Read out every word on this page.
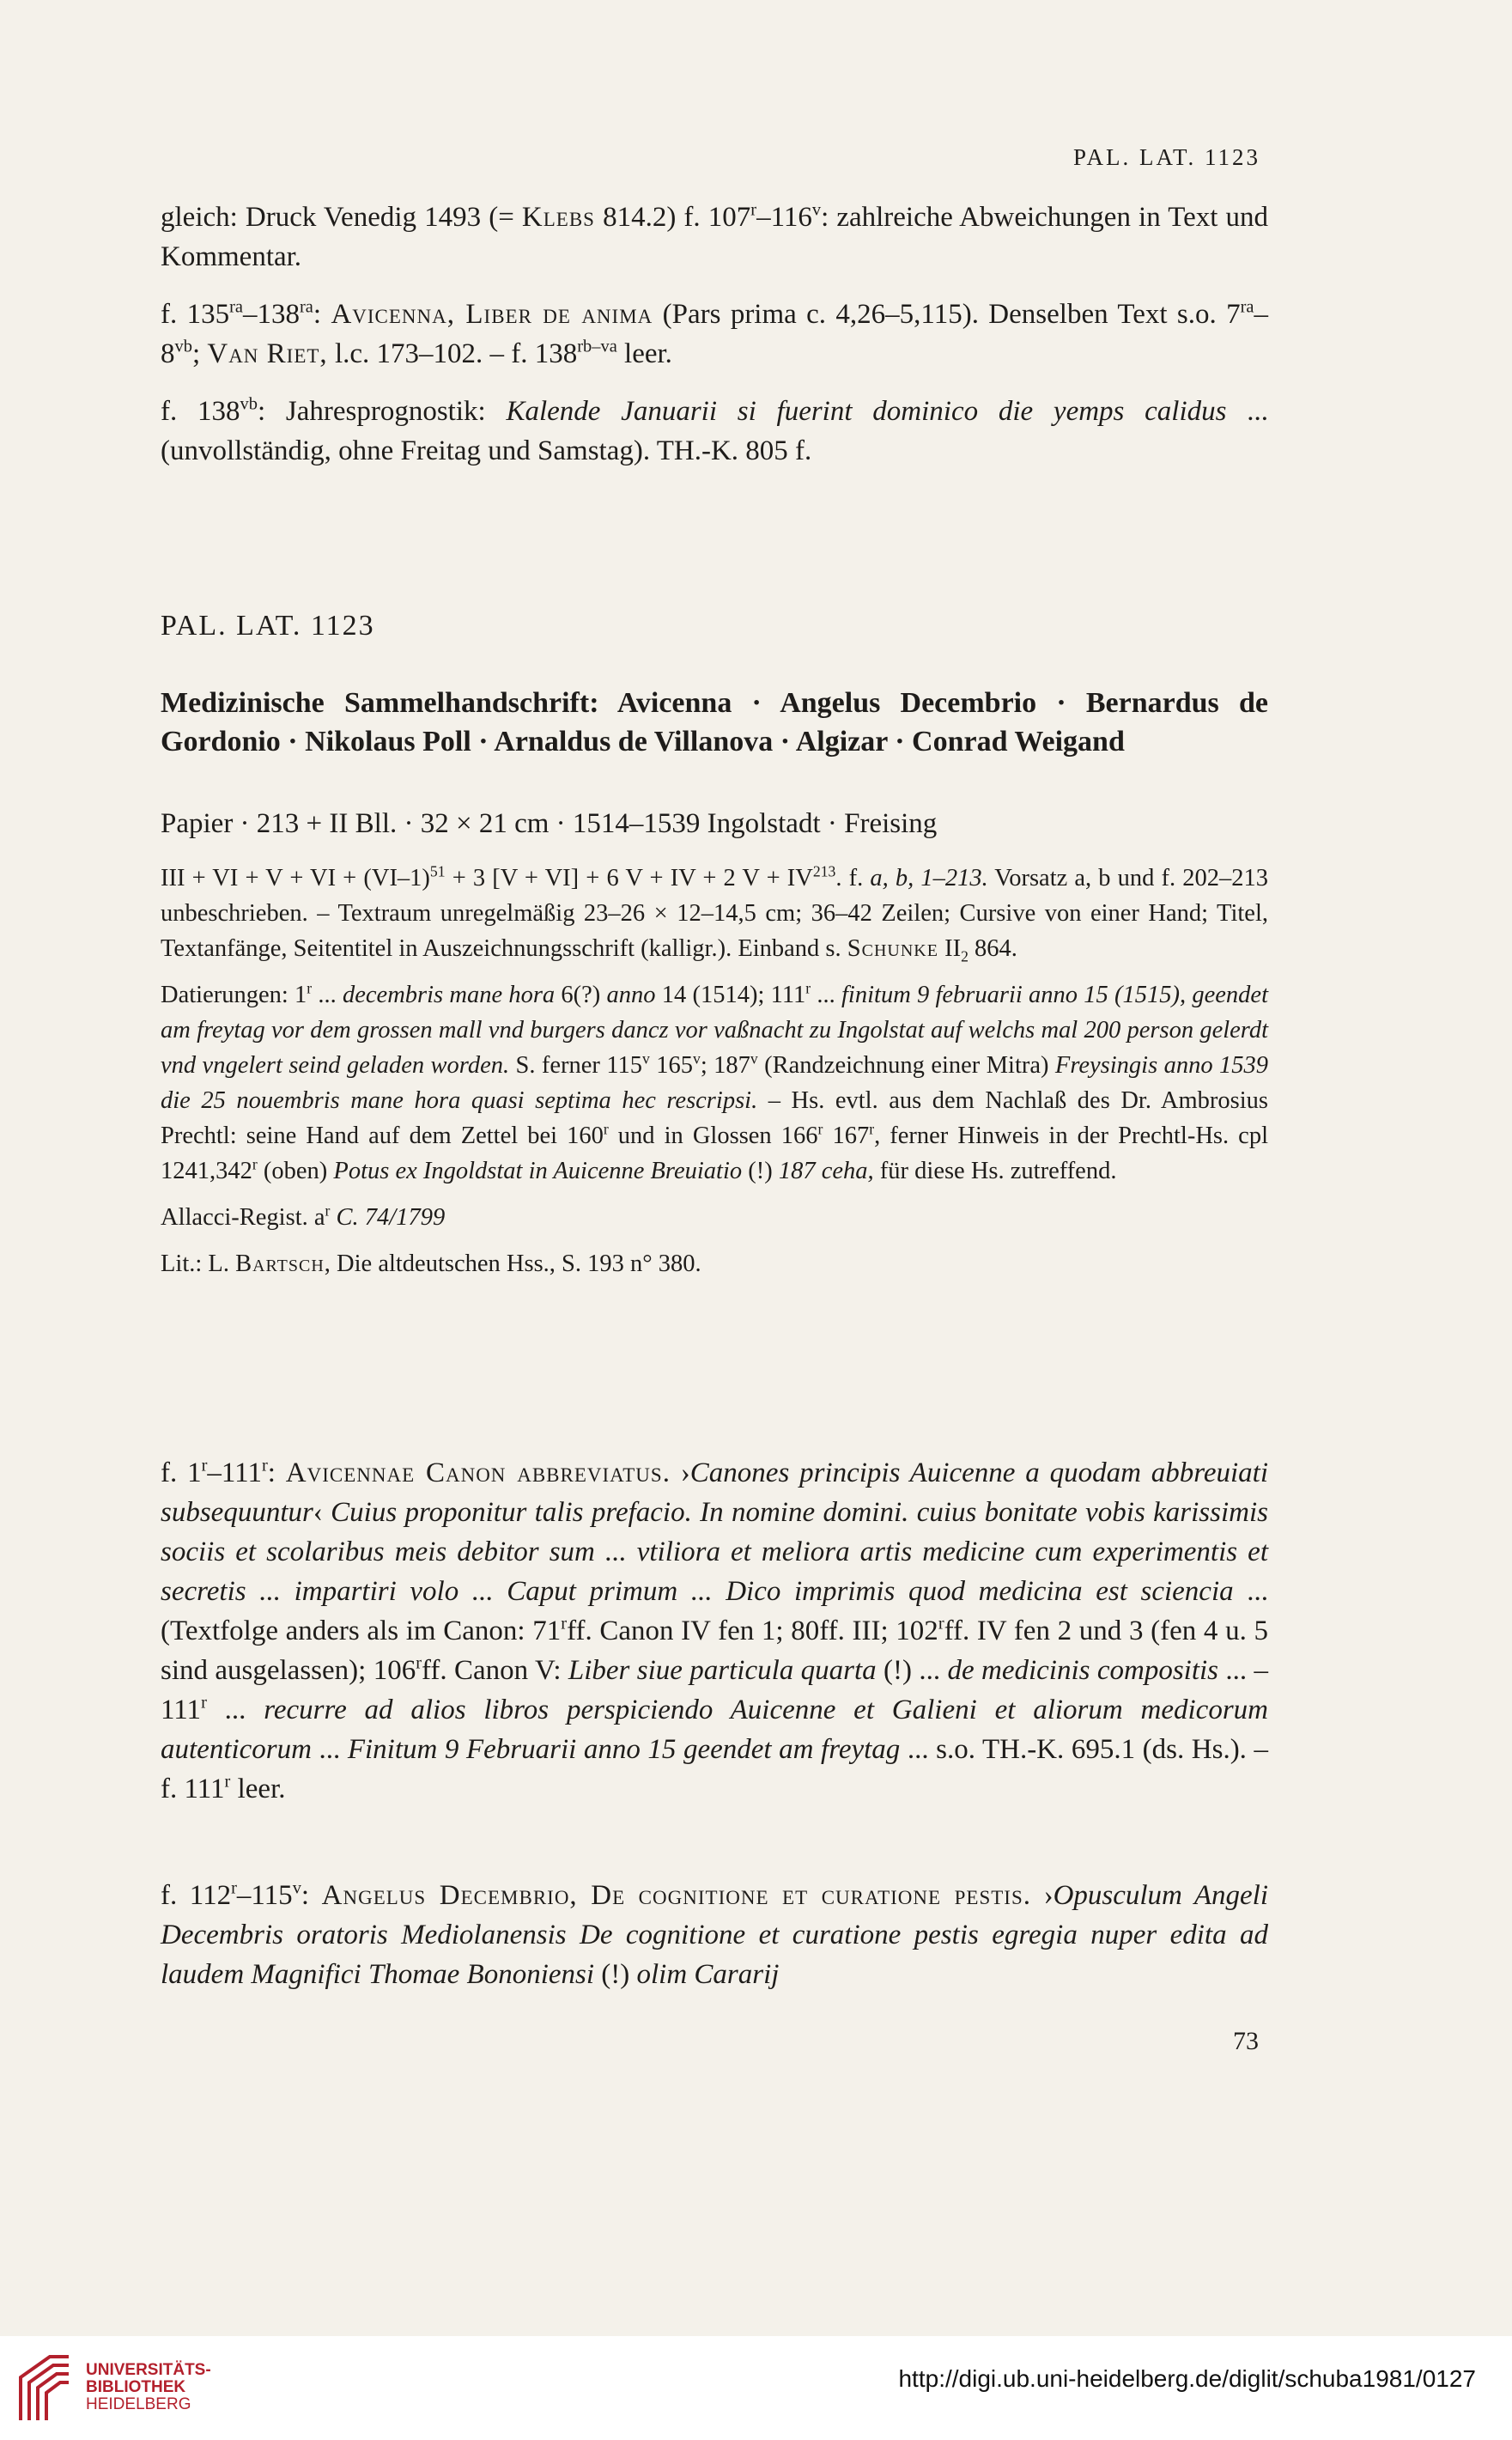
PAL. LAT. 1123

gleich: Druck Venedig 1493 (= Klebs 814.2) f. 107$^r$–116$^v$: zahlreiche Abweichungen in Text und Kommentar.

f. $135^{ra}-138^{ra}$: Avicenna, Liber de anima (Pars prima c. 4,26–5,115). Denselben Text s.o. $7^{ra}-8^{vb}$; Van Riet, l.c. 173–102. – f. $138^{rb-va}$ leer.

f. $138^{vb}$: Jahresprognostik: Kalende Januarii si fuerint dominico die yemps calidus ... (unvollständig, ohne Freitag und Samstag). TH.-K. 805 f.

PAL. LAT. 1123

Medizinische Sammelhandschrift: Avicenna · Angelus Decembrio · Bernardus de Gordonio · Nikolaus Poll · Arnaldus de Villanova · Algizar · Conrad Weigand

Papier · 213 + II Bll. · 32 × 21 cm · 1514–1539 Ingolstadt · Freising

III + VI + V + VI + $(VI-1)^{51} + 3$ [V + VI] + 6 V + IV + 2 $V + IV^{213}$. f. a, b, 1–213. Vorsatz a, b und f. 202–213 unbeschrieben. – Textraum unregelmäßig 23–26 × 12–14,5 cm; 36–42 Zeilen; Cursive von einer Hand; Titel, Textanfänge, Seitentitel in Auszeichnungsschrift (kalligr.). Einband s. Schunke $II_2$ 864.

Datierungen: 1$^r$ ... decembris mane hora 6(?) anno 14 (1514); 111$^r$ ... finitum 9 februarii anno 15 (1515), geendet am freytag vor dem grossen mall vnd burgers dancz vor vaßnacht zu Ingolstat auf welchs mal 200 person gelerdt vnd vngelert seind geladen worden. S. ferner 115$^v$ 165$^v$; 187$^v$ (Randzeichnung einer Mitra) Freysingis anno 1539 die 25 nouembris mane hora quasi septima hec rescripsi. – Hs. evtl. aus dem Nachlaß des Dr. Ambrosius Prechtl: seine Hand auf dem Zettel bei 160$^r$ und in Glossen 166$^r$ 167$^r$, ferner Hinweis in der Prechtl-Hs. cpl 1241,342$^r$ (oben) Potus ex Ingoldstat in Auicenne Breuiatio (!) 187 ceha, für diese Hs. zutreffend.

Allacci-Regist. $a^r$ C. 74/1799

Lit.: L. Bartsch, Die altdeutschen Hss., S. 193 n° 380.

f. 1$^r$–111$^r$: Avicennae Canon abbreviatus. ›Canones principis Auicenne a quodam abbreuiati subsequuntur‹ Cuius proponitur talis prefacio. In nomine domini. cuius bonitate vobis karissimis sociis et scolaribus meis debitor sum ... vtiliora et meliora artis medicine cum experimentis et secretis ... impartiri volo ... Caput primum ... Dico imprimis quod medicina est sciencia ... (Textfolge anders als im Canon: 71$^r$ff. Canon IV fen 1; 80ff. III; 102$^r$ff. IV fen 2 und 3 (fen 4 u. 5 sind ausgelassen); 106$^r$ff. Canon V: Liber siue particula quarta (!) ... de medicinis compositis ... – 111$^r$ ... recurre ad alios libros perspiciendo Auicenne et Galieni et aliorum medicorum autenticorum ... Finitum 9 Februarii anno 15 geendet am freytag ... s.o. TH.-K. 695.1 (ds. Hs.). – f. 111$^r$ leer.

f. 112$^r$–115$^v$: Angelus Decembrio, De cognitione et curatione pestis. ›Opusculum Angeli Decembris oratoris Mediolanensis De cognitione et curatione pestis egregia nuper edita ad laudem Magnifici Thomae Bononiensi (!) olim Cararij

73
UNIVERSITÄTS-
BIBLIOTHEK
HEIDELBERG
http://digi.ub.uni-heidelberg.de/diglit/schuba1981/0127
